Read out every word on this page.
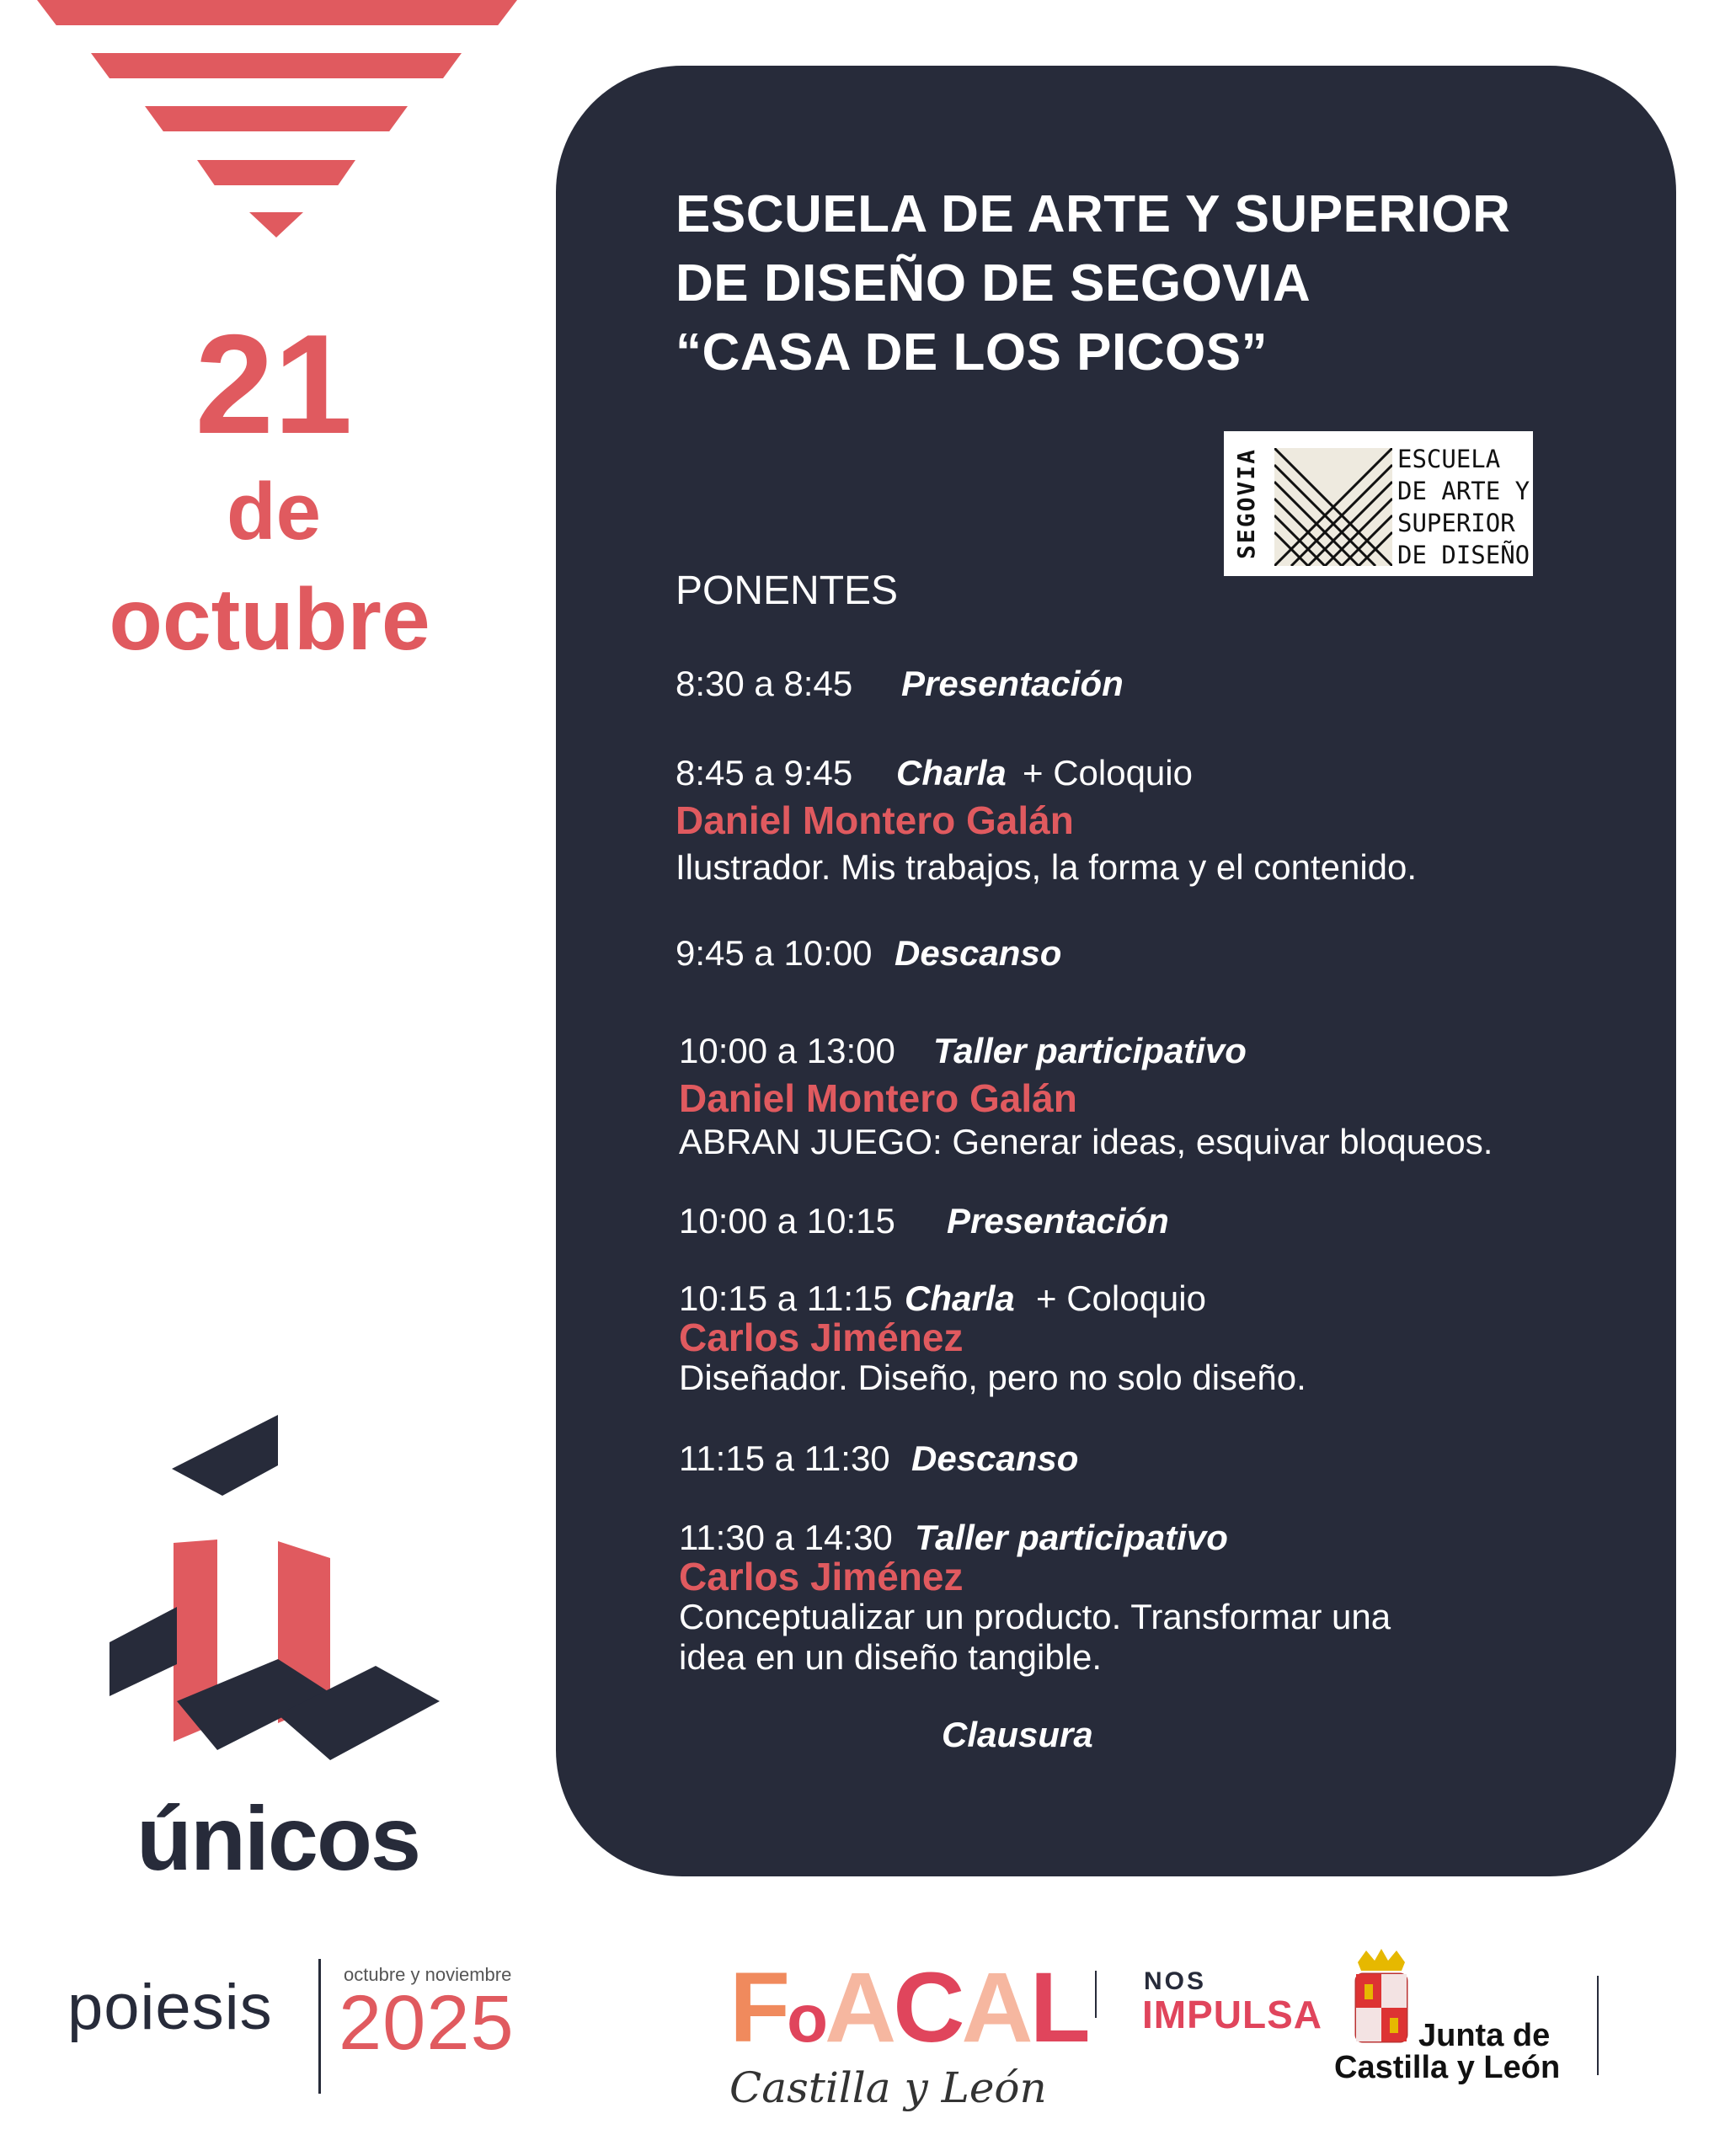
21
de
octubre
ESCUELA DE ARTE Y SUPERIOR
DE DISEÑO DE SEGOVIA
“CASA DE LOS PICOS”
SEGOVIA	ESCUELA
DE ARTE Y
SUPERIOR
DE DISEÑO
PONENTES
8:30 a 8:45 Presentación
8:45 a 9:45 Charla + Coloquio
Daniel Montero Galán
Ilustrador. Mis trabajos, la forma y el contenido.
9:45 a 10:00 Descanso
10:00 a 13:00 Taller participativo
Daniel Montero Galán
ABRAN JUEGO: Generar ideas, esquivar bloqueos.
10:00 a 10:15 Presentación
10:15 a 11:15 Charla + Coloquio
Carlos Jiménez
Diseñador. Diseño, pero no solo diseño.
11:15 a 11:30 Descanso
11:30 a 14:30 Taller participativo
Carlos Jiménez
Conceptualizar un producto. Transformar una
idea en un diseño tangible.
Clausura
únicos
poiesis	octubre y noviembre
2025 FoACAL
Castilla y León
NOS
IMPULSA	Junta de
Castilla y León
